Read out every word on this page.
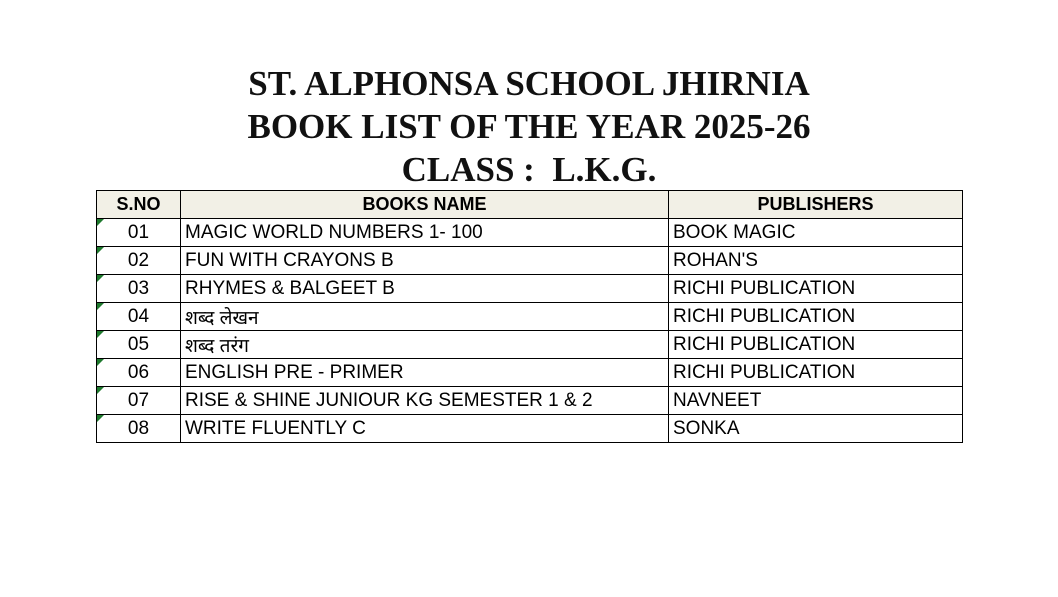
ST. ALPHONSA SCHOOL JHIRNIA
BOOK LIST OF THE YEAR 2025-26
CLASS :  L.K.G.
S.NO	BOOKS NAME	PUBLISHERS
01	MAGIC WORLD NUMBERS 1- 100	BOOK MAGIC
02	FUN WITH CRAYONS B	ROHAN'S
03	RHYMES & BALGEET B	RICHI PUBLICATION
04	शब्द लेखन	RICHI PUBLICATION
05	शब्द तरंग	RICHI PUBLICATION
06	ENGLISH PRE - PRIMER	RICHI PUBLICATION
07	RISE & SHINE JUNIOUR KG SEMESTER 1 & 2	NAVNEET
08	WRITE FLUENTLY C	SONKA
